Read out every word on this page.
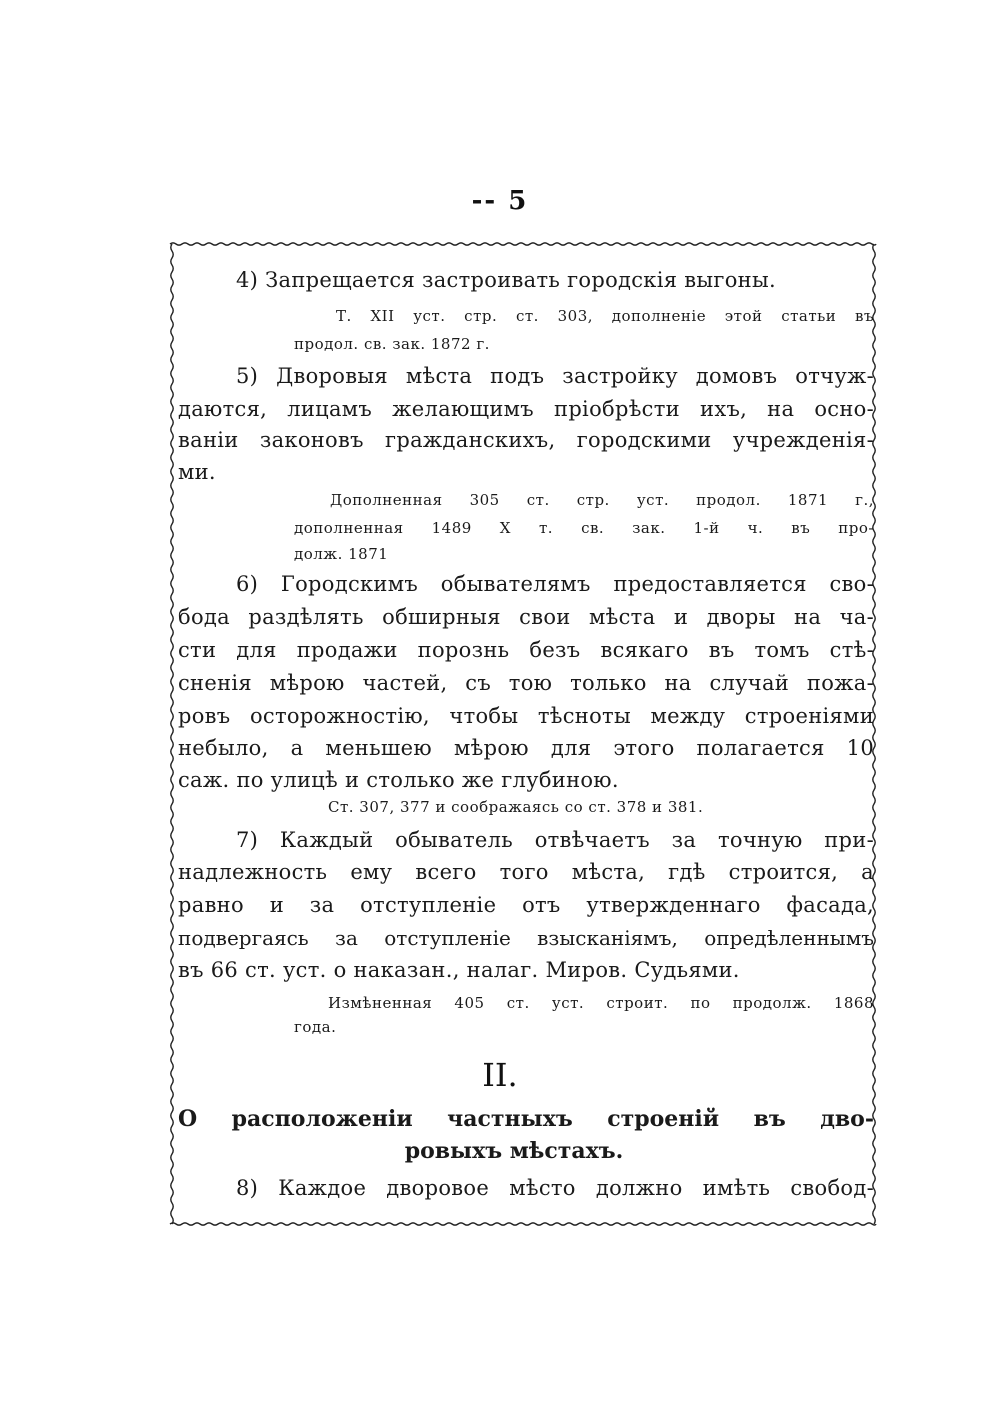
-- 5
4) Запрещается застроивать городскія выгоны.
Т. XII уст. стр. ст. 303, дополненіе этой статьи въ
продол. св. зак. 1872 г.
5) Дворовыя мѣста подъ застройку домовъ отчуж-
даются, лицамъ желающимъ пріобрѣсти ихъ, на осно-
ваніи законовъ гражданскихъ, городскими учрежденія-
ми.
Дополненная 305 ст. стр. уст. продол. 1871 г.,
дополненная 1489 Х т. св. зак. 1-й ч. въ про-
долж. 1871
6) Городскимъ обывателямъ предоставляется сво-
бода раздѣлять обширныя свои мѣста и дворы на ча-
сти для продажи порознь безъ всякаго въ томъ стѣ-
сненія мѣрою частей, съ тою только на случай пожа-
ровъ осторожностію, чтобы тѣсноты между строеніями
небыло, а меньшею мѣрою для этого полагается 10
саж. по улицѣ и столько же глубиною.
Ст. 307, 377 и соображаясь со ст. 378 и 381.
7) Каждый обыватель отвѣчаетъ за точную при-
надлежность ему всего того мѣста, гдѣ строится, а
равно и за отступленіе отъ утвержденнаго фасада,
подвергаясь за отступленіе взысканіямъ, опредѣленнымъ
въ 66 ст. уст. о наказан., налаг. Миров. Судьями.
Измѣненная 405 ст. уст. строит. по продолж. 1868
года.
II.
О расположеніи частныхъ строеній въ дво-
ровыхъ мѣстахъ.
8) Каждое дворовое мѣсто должно имѣть свобод-
